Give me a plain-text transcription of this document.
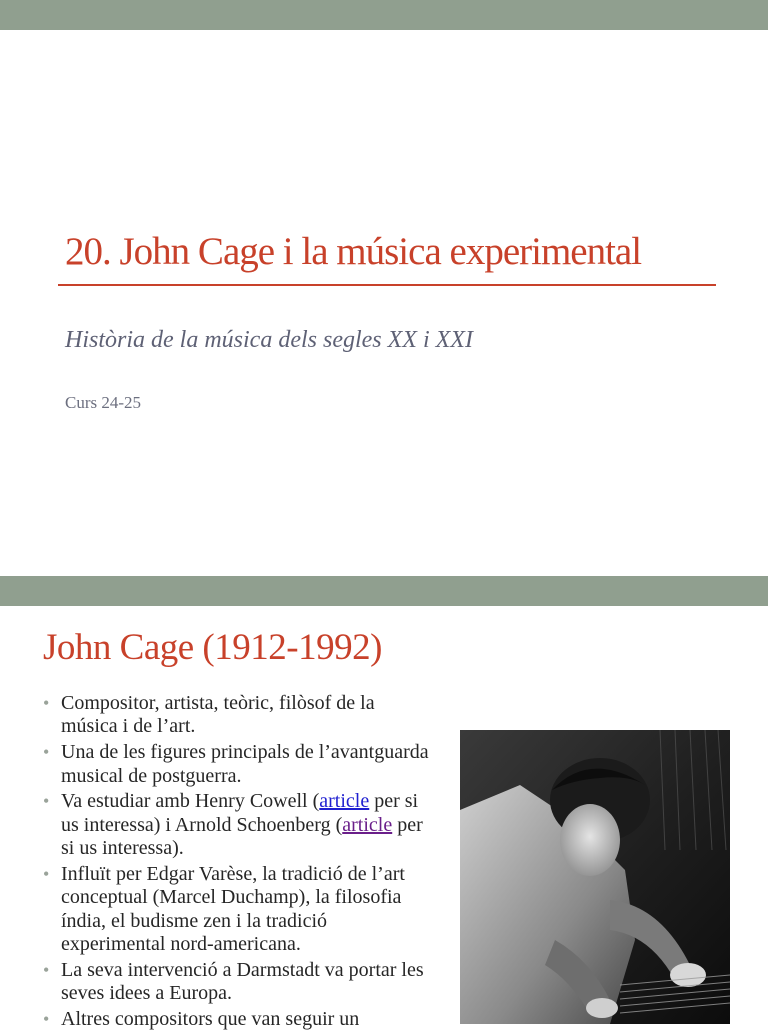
20. John Cage i la música experimental
Història de la música dels segles XX i XXI
Curs 24-25
John Cage (1912-1992)
• Compositor, artista, teòric, filòsof de la música i de l’art.
• Una de les figures principals de l’avantguarda musical de postguerra.
• Va estudiar amb Henry Cowell (article per si us interessa) i Arnold Schoenberg (article per si us interessa).
• Influït per Edgar Varèse, la tradició de l’art conceptual (Marcel Duchamp), la filosofia índia, el budisme zen i la tradició experimental nord-americana.
• La seva intervenció a Darmstadt va portar les seves idees a Europa.
• Altres compositors que van seguir un
